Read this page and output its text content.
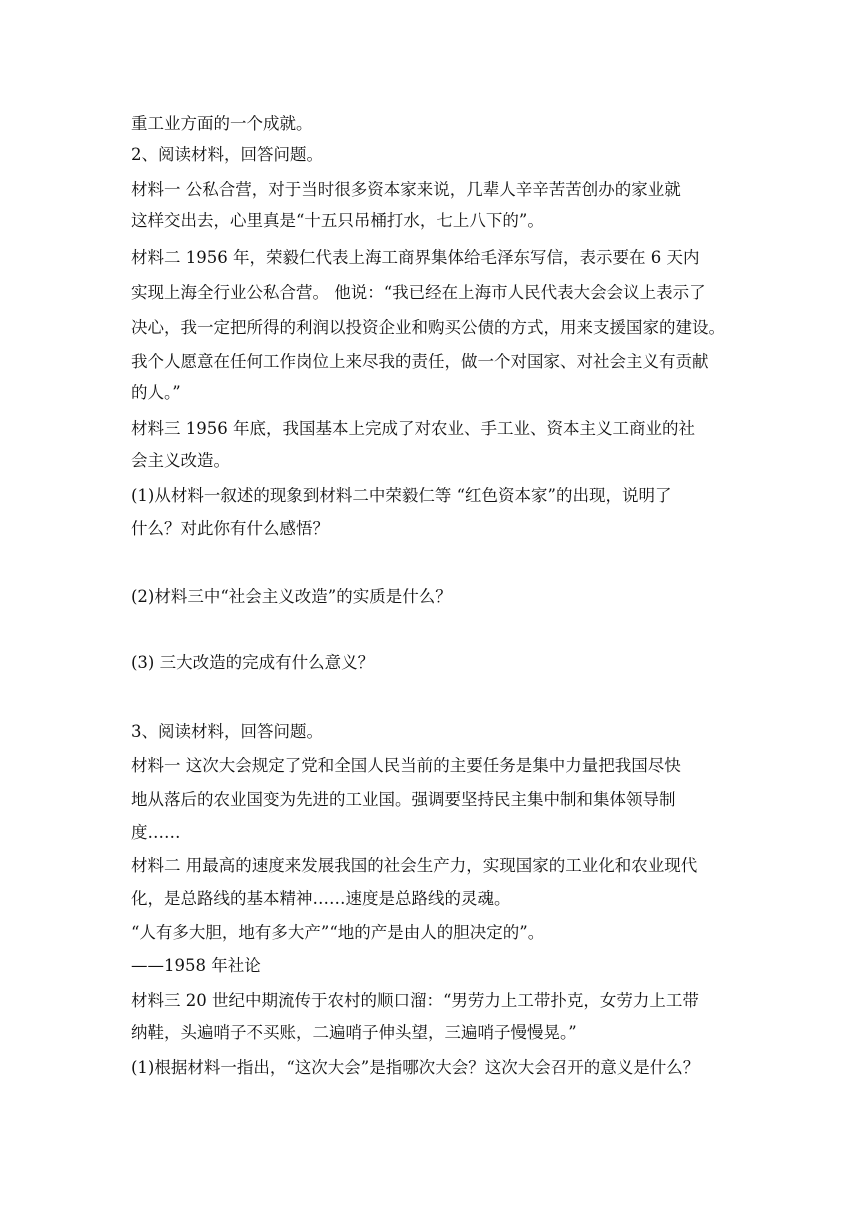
重工业方面的一个成就。
2、阅读材料，回答问题。
材料一 公私合营，对于当时很多资本家来说，几辈人辛辛苦苦创办的家业就
这样交出去，心里真是“十五只吊桶打水，七上八下的”。
材料二 1956 年，荣毅仁代表上海工商界集体给毛泽东写信，表示要在 6 天内
实现上海全行业公私合营。 他说：“我已经在上海市人民代表大会会议上表示了
决心，我一定把所得的利润以投资企业和购买公债的方式，用来支援国家的建设。
我个人愿意在任何工作岗位上来尽我的责任，做一个对国家、对社会主义有贡献
的人。”
材料三 1956 年底，我国基本上完成了对农业、手工业、资本主义工商业的社
会主义改造。
(1)从材料一叙述的现象到材料二中荣毅仁等 “红色资本家”的出现，说明了
什么？对此你有什么感悟？
(2)材料三中“社会主义改造”的实质是什么？
(3) 三大改造的完成有什么意义？
3、阅读材料，回答问题。
材料一 这次大会规定了党和全国人民当前的主要任务是集中力量把我国尽快
地从落后的农业国变为先进的工业国。强调要坚持民主集中制和集体领导制
度……
材料二 用最高的速度来发展我国的社会生产力，实现国家的工业化和农业现代
化，是总路线的基本精神……速度是总路线的灵魂。
“人有多大胆，地有多大产”“地的产是由人的胆决定的”。
——1958 年社论
材料三 20 世纪中期流传于农村的顺口溜：“男劳力上工带扑克，女劳力上工带
纳鞋，头遍哨子不买账，二遍哨子伸头望，三遍哨子慢慢晃。”
(1)根据材料一指出，“这次大会”是指哪次大会？这次大会召开的意义是什么？
